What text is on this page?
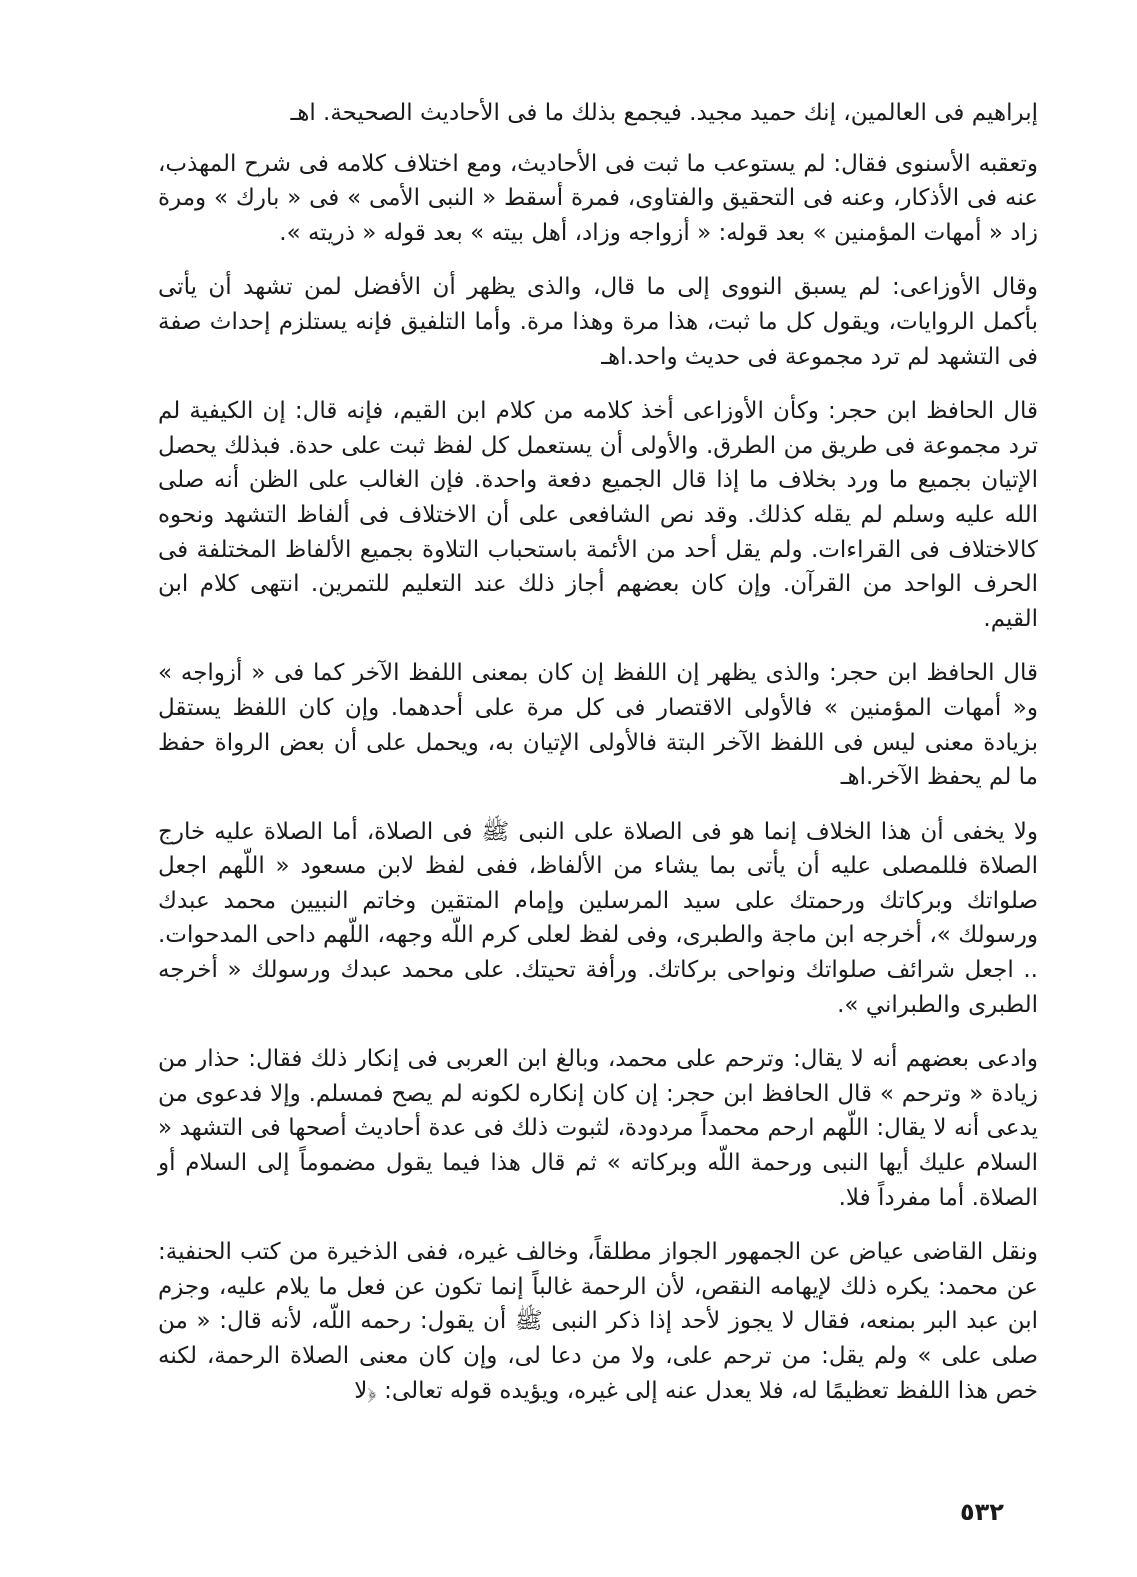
إبراهيم فى العالمين، إنك حميد مجيد. فيجمع بذلك ما فى الأحاديث الصحيحة. اهـ

وتعقبه الأسنوى فقال: لم يستوعب ما ثبت فى الأحاديث، ومع اختلاف كلامه فى شرح المهذب، عنه فى الأذكار، وعنه فى التحقيق والفتاوى، فمرة أسقط « النبى الأمى » فى « بارك » ومرة زاد « أمهات المؤمنين » بعد قوله: « أزواجه وزاد، أهل بيته » بعد قوله « ذريته ».

وقال الأوزاعى: لم يسبق النووى إلى ما قال، والذى يظهر أن الأفضل لمن تشهد أن يأتى بأكمل الروايات، ويقول كل ما ثبت، هذا مرة وهذا مرة. وأما التلفيق فإنه يستلزم إحداث صفة فى التشهد لم ترد مجموعة فى حديث واحد.اهـ

قال الحافظ ابن حجر: وكأن الأوزاعى أخذ كلامه من كلام ابن القيم، فإنه قال: إن الكيفية لم ترد مجموعة فى طريق من الطرق. والأولى أن يستعمل كل لفظ ثبت على حدة. فبذلك يحصل الإتيان بجميع ما ورد بخلاف ما إذا قال الجميع دفعة واحدة. فإن الغالب على الظن أنه صلى الله عليه وسلم لم يقله كذلك. وقد نص الشافعى على أن الاختلاف فى ألفاظ التشهد ونحوه كالاختلاف فى القراءات. ولم يقل أحد من الأئمة باستحباب التلاوة بجميع الألفاظ المختلفة فى الحرف الواحد من القرآن. وإن كان بعضهم أجاز ذلك عند التعليم للتمرين. انتهى كلام ابن القيم.

قال الحافظ ابن حجر: والذى يظهر إن اللفظ إن كان بمعنى اللفظ الآخر كما فى « أزواجه » و« أمهات المؤمنين » فالأولى الاقتصار فى كل مرة على أحدهما. وإن كان اللفظ يستقل بزيادة معنى ليس فى اللفظ الآخر البتة فالأولى الإتيان به، ويحمل على أن بعض الرواة حفظ ما لم يحفظ الآخر.اهـ

ولا يخفى أن هذا الخلاف إنما هو فى الصلاة على النبى ﷺ فى الصلاة، أما الصلاة عليه خارج الصلاة فللمصلى عليه أن يأتى بما يشاء من الألفاظ، ففى لفظ لابن مسعود « اللّهم اجعل صلواتك وبركاتك ورحمتك على سيد المرسلين وإمام المتقين وخاتم النبيين محمد عبدك ورسولك »، أخرجه ابن ماجة والطبرى، وفى لفظ لعلى كرم اللّه وجهه، اللّهم داحى المدحوات. .. اجعل شرائف صلواتك ونواحى بركاتك. ورأفة تحيتك. على محمد عبدك ورسولك « أخرجه الطبرى والطبراني ».

وادعى بعضهم أنه لا يقال: وترحم على محمد، وبالغ ابن العربى فى إنكار ذلك فقال: حذار من زيادة « وترحم » قال الحافظ ابن حجر: إن كان إنكاره لكونه لم يصح فمسلم. وإلا فدعوى من يدعى أنه لا يقال: اللّهم ارحم محمداً مردودة، لثبوت ذلك فى عدة أحاديث أصحها فى التشهد « السلام عليك أيها النبى ورحمة اللّه وبركاته » ثم قال هذا فيما يقول مضموماً إلى السلام أو الصلاة. أما مفرداً فلا.

ونقل القاضى عياض عن الجمهور الجواز مطلقاً، وخالف غيره، ففى الذخيرة من كتب الحنفية: عن محمد: يكره ذلك لإيهامه النقص، لأن الرحمة غالباً إنما تكون عن فعل ما يلام عليه، وجزم ابن عبد البر بمنعه، فقال لا يجوز لأحد إذا ذكر النبى ﷺ أن يقول: رحمه اللّه، لأنه قال: « من صلى على » ولم يقل: من ترحم على، ولا من دعا لى، وإن كان معنى الصلاة الرحمة، لكنه خص هذا اللفظ تعظيمًا له، فلا يعدل عنه إلى غيره، ويؤيده قوله تعالى: ﴿لا

٥٣٢
